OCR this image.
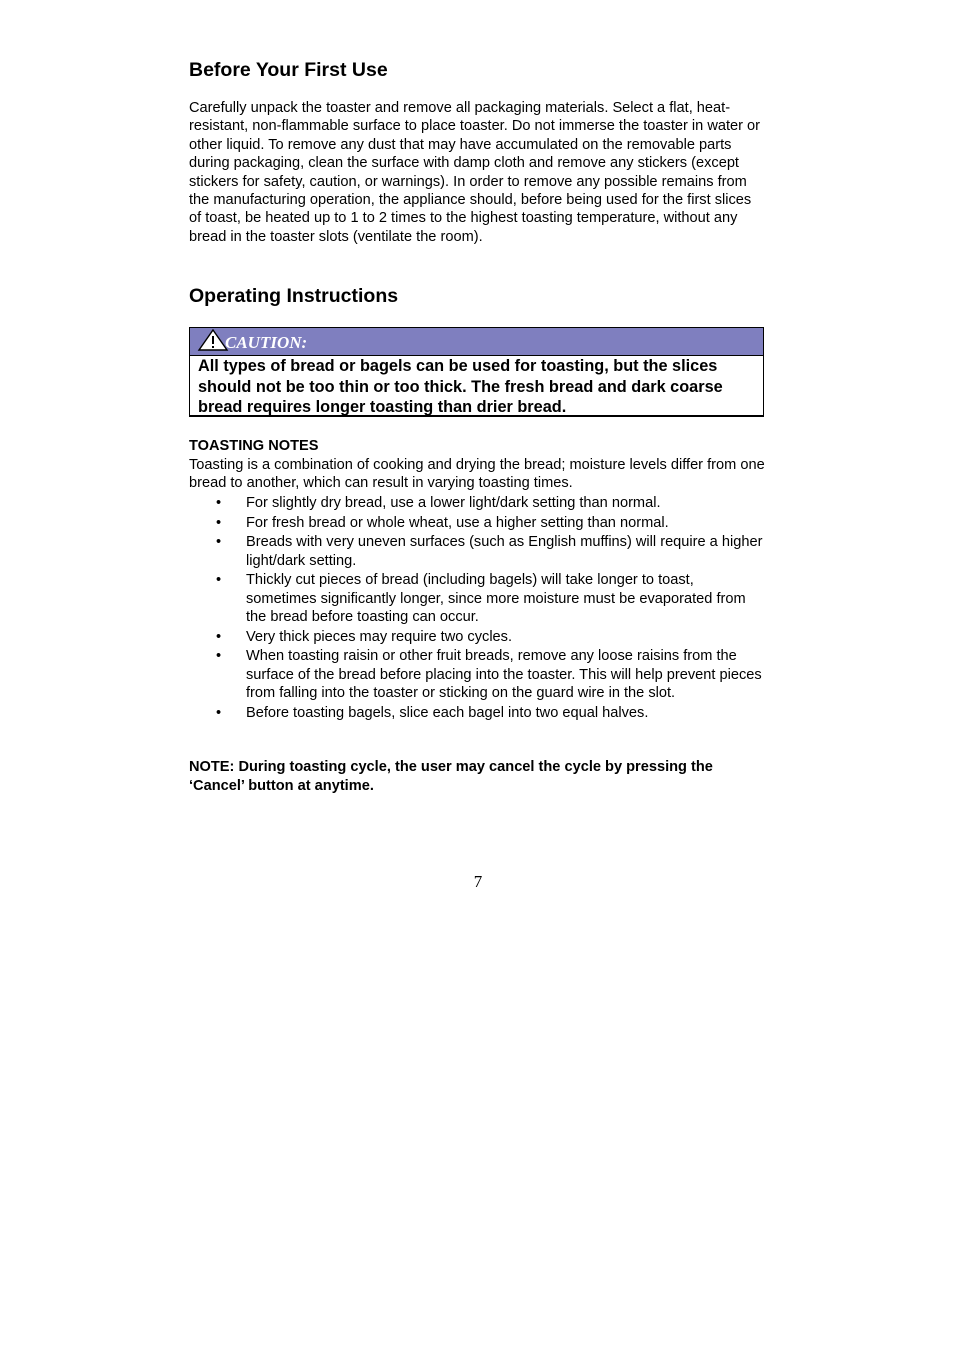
Before Your First Use

Carefully unpack the toaster and remove all packaging materials. Select a flat, heat-resistant, non-flammable surface to place toaster. Do not immerse the toaster in water or other liquid. To remove any dust that may have accumulated on the removable parts during packaging, clean the surface with damp cloth and remove any stickers (except stickers for safety, caution, or warnings). In order to remove any possible remains from the manufacturing operation, the appliance should, before being used for the first slices of toast, be heated up to 1 to 2 times to the highest toasting temperature, without any bread in the toaster slots (ventilate the room).

Operating Instructions
CAUTION:

All types of bread or bagels can be used for toasting, but the slices should not be too thin or too thick. The fresh bread and dark coarse bread requires longer toasting than drier bread.

TOASTING NOTES

Toasting is a combination of cooking and drying the bread; moisture levels differ from one bread to another, which can result in varying toasting times.

• For slightly dry bread, use a lower light/dark setting than normal.
• For fresh bread or whole wheat, use a higher setting than normal.
• Breads with very uneven surfaces (such as English muffins) will require a higher light/dark setting.
• Thickly cut pieces of bread (including bagels) will take longer to toast, sometimes significantly longer, since more moisture must be evaporated from the bread before toasting can occur.
• Very thick pieces may require two cycles.
• When toasting raisin or other fruit breads, remove any loose raisins from the surface of the bread before placing into the toaster. This will help prevent pieces from falling into the toaster or sticking on the guard wire in the slot.
• Before toasting bagels, slice each bagel into two equal halves.

NOTE: During toasting cycle, the user may cancel the cycle by pressing the ‘Cancel’ button at anytime.

7
